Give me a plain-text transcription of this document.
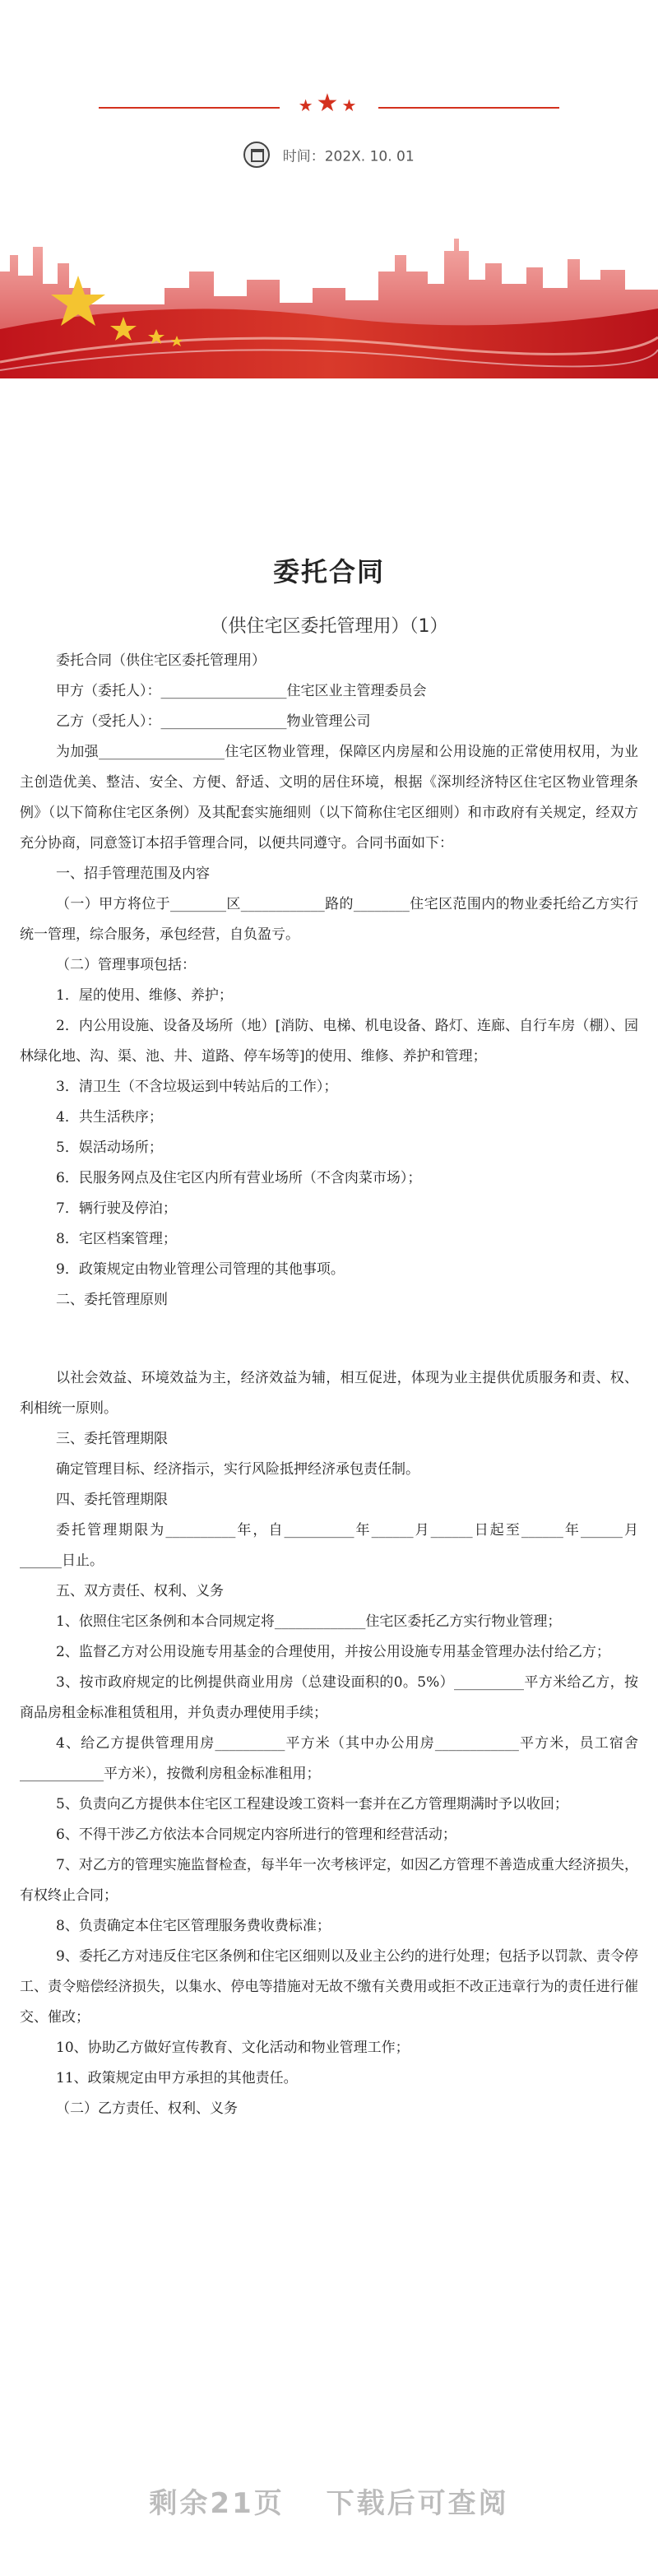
★★★
时间：202X. 10. 01
委托合同
（供住宅区委托管理用）（1）
委托合同（供住宅区委托管理用）
甲方（委托人）：__________________住宅区业主管理委员会
乙方（受托人）：__________________物业管理公司
为加强__________________住宅区物业管理，保障区内房屋和公用设施的正常使用权用，为业主创造优美、整洁、安全、方便、舒适、文明的居住环境，根据《深圳经济特区住宅区物业管理条例》（以下简称住宅区条例）及其配套实施细则（以下简称住宅区细则）和市政府有关规定，经双方充分协商，同意签订本招手管理合同，以便共同遵守。合同书面如下：
一、招手管理范围及内容
（一）甲方将位于________区____________路的________住宅区范围内的物业委托给乙方实行统一管理，综合服务，承包经营，自负盈亏。
（二）管理事项包括：
1．屋的使用、维修、养护；
2．内公用设施、设备及场所（地）[消防、电梯、机电设备、路灯、连廊、自行车房（棚）、园林绿化地、沟、渠、池、井、道路、停车场等]的使用、维修、养护和管理；
3．清卫生（不含垃圾运到中转站后的工作）；
4．共生活秩序；
5．娱活动场所；
6．民服务网点及住宅区内所有营业场所（不含肉菜市场）；
7．辆行驶及停泊；
8．宅区档案管理；
9．政策规定由物业管理公司管理的其他事项。
二、委托管理原则
以社会效益、环境效益为主，经济效益为辅，相互促进，体现为业主提供优质服务和责、权、利相统一原则。
三、委托管理期限
确定管理目标、经济指示，实行风险抵押经济承包责任制。
四、委托管理期限
委托管理期限为__________年，自__________年______月______日起至______年______月______日止。
五、双方责任、权利、义务
1、依照住宅区条例和本合同规定将_____________住宅区委托乙方实行物业管理；
2、监督乙方对公用设施专用基金的合理使用，并按公用设施专用基金管理办法付给乙方；
3、按市政府规定的比例提供商业用房（总建设面积的0。5%）__________平方米给乙方，按商品房租金标准租赁租用，并负责办理使用手续；
4、给乙方提供管理用房__________平方米（其中办公用房____________平方米，员工宿舍____________平方米），按微利房租金标准租用；
5、负责向乙方提供本住宅区工程建设竣工资料一套并在乙方管理期满时予以收回；
6、不得干涉乙方依法本合同规定内容所进行的管理和经营活动；
7、对乙方的管理实施监督检查，每半年一次考核评定，如因乙方管理不善造成重大经济损失，有权终止合同；
8、负责确定本住宅区管理服务费收费标准；
9、委托乙方对违反住宅区条例和住宅区细则以及业主公约的进行处理；包括予以罚款、责令停工、责令赔偿经济损失，以集水、停电等措施对无故不缴有关费用或拒不改正违章行为的责任进行催交、催改；
10、协助乙方做好宣传教育、文化活动和物业管理工作；
11、政策规定由甲方承担的其他责任。
（二）乙方责任、权利、义务
剩余21页 下载后可查阅
